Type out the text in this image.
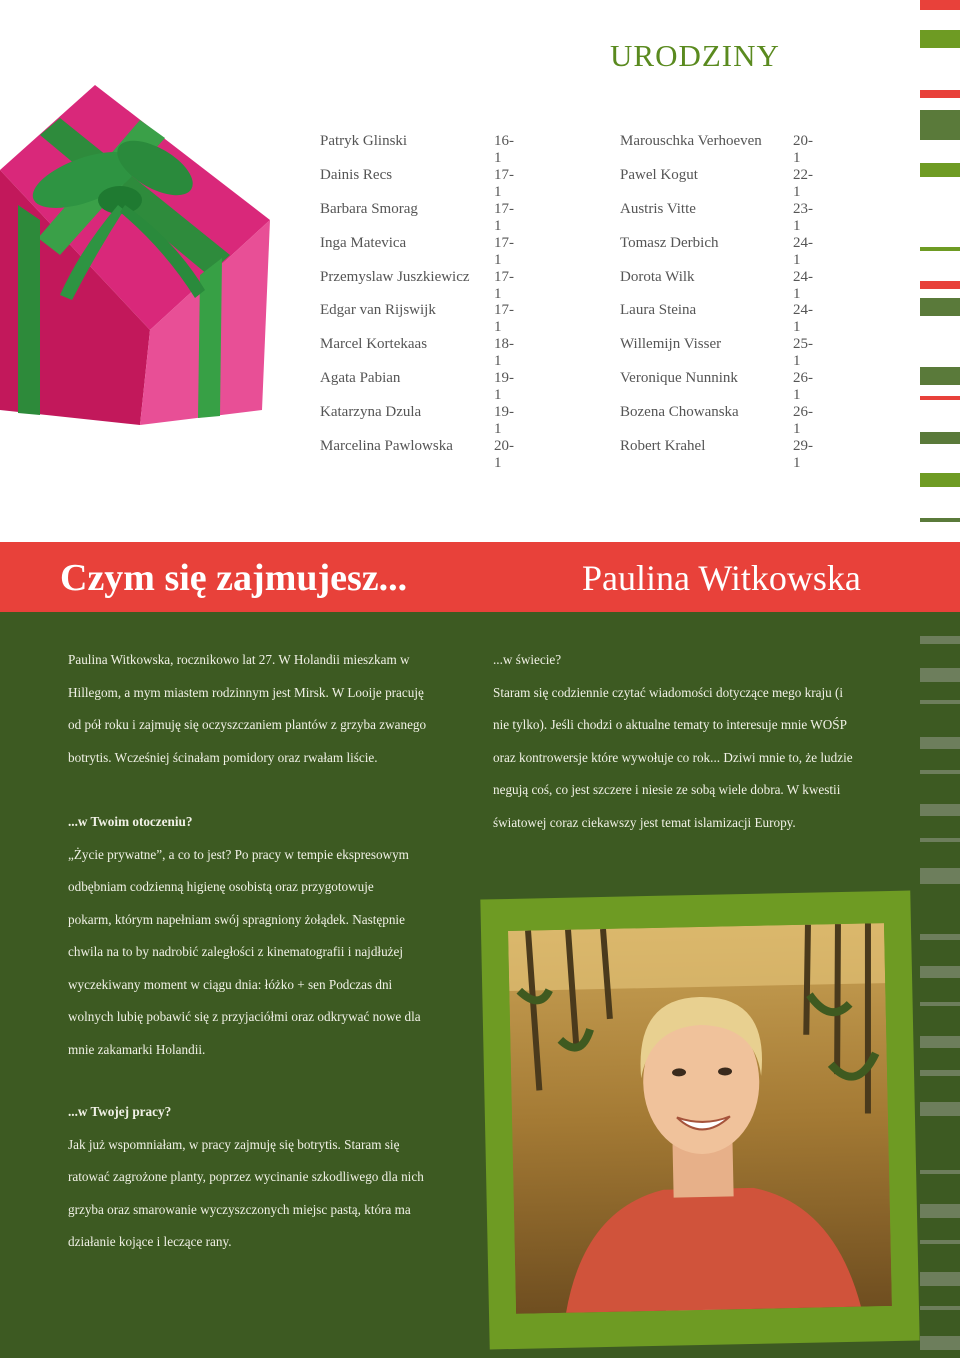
URODZINY
Patryk Glinski	16-1
Dainis Recs	17-1
Barbara Smorag	17-1
Inga Matevica	17-1
Przemyslaw Juszkiewicz 17-1
Edgar van Rijswijk	17-1
Marcel Kortekaas	18-1
Agata Pabian	19-1
Katarzyna Dzula	19-1
Marcelina Pawlowska	20-1
Marouschka Verhoeven 20-1
Pawel Kogut	22-1
Austris Vitte	23-1
Tomasz Derbich	24-1
Dorota Wilk	24-1
Laura Steina	24-1
Willemijn Visser	25-1
Veronique Nunnink	26-1
Bozena Chowanska	26-1
Robert Krahel	29-1
Czym się zajmujesz...	Paulina Witkowska

Paulina Witkowska, rocznikowo lat 27. W Holandii mieszkam w

Hillegom, a mym miastem rodzinnym jest Mirsk. W Looije pracuję

od pół roku i zajmuję się oczyszczaniem plantów z grzyba zwanego

botrytis. Wcześniej ścinałam pomidory oraz rwałam liście.

...w Twoim otoczeniu?

„Życie prywatne”, a co to jest? Po pracy w tempie ekspresowym

odbębniam codzienną higienę osobistą oraz przygotowuje

pokarm, którym napełniam swój spragniony żołądek. Następnie

chwila na to by nadrobić zaległości z kinematografii i najdłużej

wyczekiwany moment w ciągu dnia: łóżko + sen Podczas dni

wolnych lubię pobawić się z przyjaciółmi oraz odkrywać nowe dla

mnie zakamarki Holandii.

...w Twojej pracy?

Jak już wspomniałam, w pracy zajmuję się botrytis. Staram się

ratować zagrożone planty, poprzez wycinanie szkodliwego dla nich

grzyba oraz smarowanie wyczyszczonych miejsc pastą, która ma

działanie kojące i leczące rany.

...w świecie?

Staram się codziennie czytać wiadomości dotyczące mego kraju (i

nie tylko). Jeśli chodzi o aktualne tematy to interesuje mnie WOŚP

oraz kontrowersje które wywołuje co rok... Dziwi mnie to, że ludzie

negują coś, co jest szczere i niesie ze sobą wiele dobra. W kwestii

światowej coraz ciekawszy jest temat islamizacji Europy.
